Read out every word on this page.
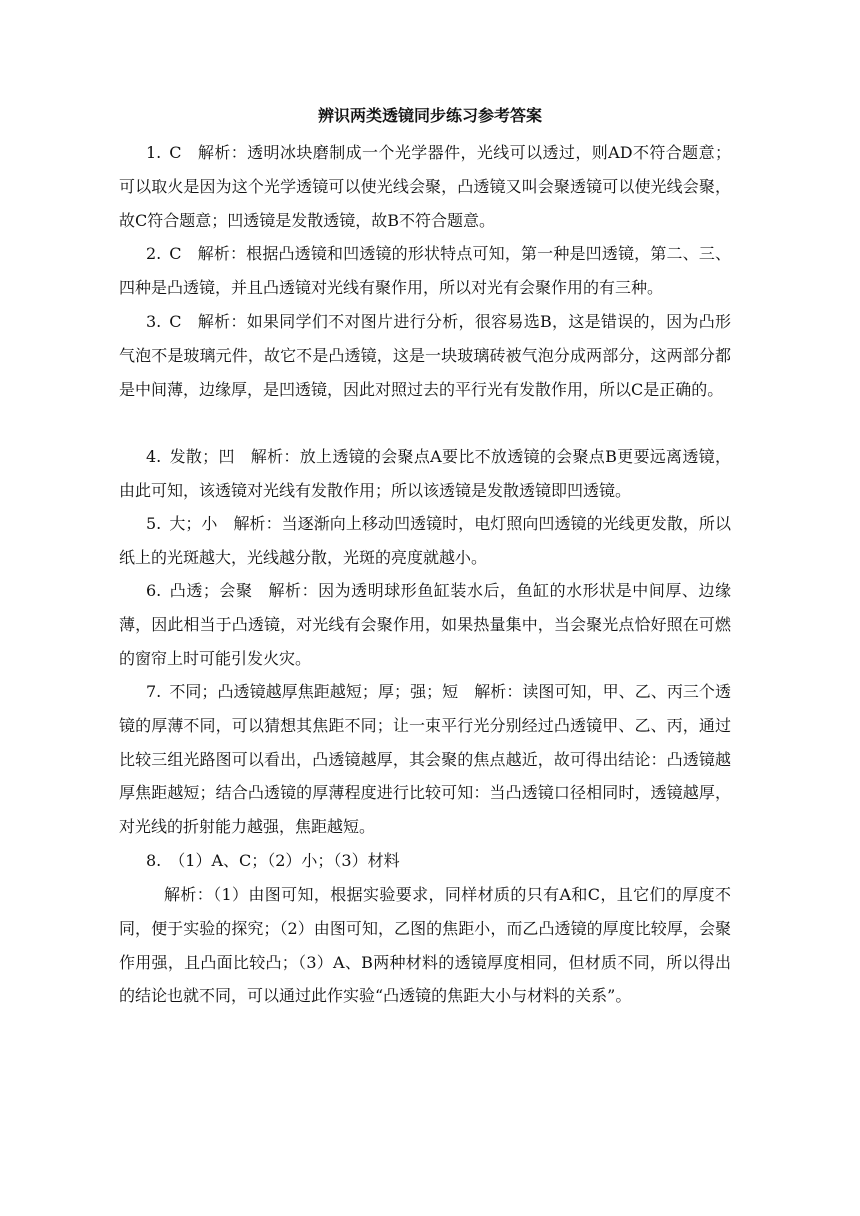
辨识两类透镜同步练习参考答案
1. C 解析：透明冰块磨制成一个光学器件，光线可以透过，则AD不符合题意；可以取火是因为这个光学透镜可以使光线会聚，凸透镜又叫会聚透镜可以使光线会聚，故C符合题意；凹透镜是发散透镜，故B不符合题意。
2. C 解析：根据凸透镜和凹透镜的形状特点可知，第一种是凹透镜，第二、三、四种是凸透镜，并且凸透镜对光线有聚作用，所以对光有会聚作用的有三种。
3. C 解析：如果同学们不对图片进行分析，很容易选B，这是错误的，因为凸形气泡不是玻璃元件，故它不是凸透镜，这是一块玻璃砖被气泡分成两部分，这两部分都是中间薄，边缘厚，是凹透镜，因此对照过去的平行光有发散作用，所以C是正确的。
4. 发散；凹 解析：放上透镜的会聚点A要比不放透镜的会聚点B更要远离透镜，由此可知，该透镜对光线有发散作用；所以该透镜是发散透镜即凹透镜。
5. 大；小 解析：当逐渐向上移动凹透镜时，电灯照向凹透镜的光线更发散，所以纸上的光斑越大，光线越分散，光斑的亮度就越小。
6. 凸透；会聚 解析：因为透明球形鱼缸装水后，鱼缸的水形状是中间厚、边缘薄，因此相当于凸透镜，对光线有会聚作用，如果热量集中，当会聚光点恰好照在可燃的窗帘上时可能引发火灾。
7. 不同；凸透镜越厚焦距越短；厚；强；短 解析：读图可知，甲、乙、丙三个透镜的厚薄不同，可以猜想其焦距不同；让一束平行光分别经过凸透镜甲、乙、丙，通过比较三组光路图可以看出，凸透镜越厚，其会聚的焦点越近，故可得出结论：凸透镜越厚焦距越短；结合凸透镜的厚薄程度进行比较可知：当凸透镜口径相同时，透镜越厚，对光线的折射能力越强，焦距越短。
8. （1）A、C；（2）小；（3）材料
解析：（1）由图可知，根据实验要求，同样材质的只有A和C，且它们的厚度不同，便于实验的探究；（2）由图可知，乙图的焦距小，而乙凸透镜的厚度比较厚，会聚作用强，且凸面比较凸；（3）A、B两种材料的透镜厚度相同，但材质不同，所以得出的结论也就不同，可以通过此作实验“凸透镜的焦距大小与材料的关系”。
